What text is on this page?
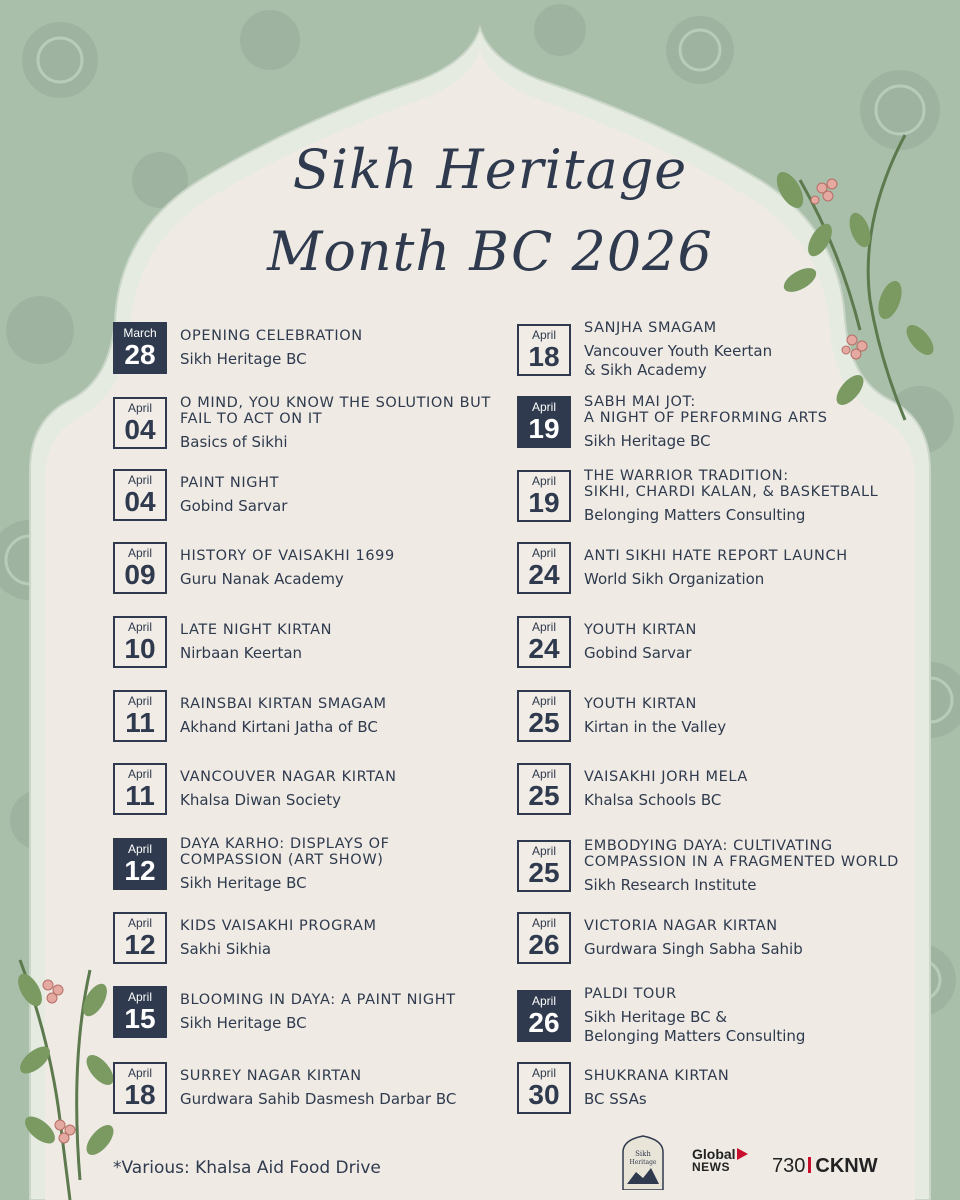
Sikh Heritage
Month BC 2026
March
28
OPENING CELEBRATION
Sikh Heritage BC
April
04
O MIND, YOU KNOW THE SOLUTION BUT
FAIL TO ACT ON IT
Basics of Sikhi
April
04
PAINT NIGHT
Gobind Sarvar
April
09
HISTORY OF VAISAKHI 1699
Guru Nanak Academy
April
10
LATE NIGHT KIRTAN
Nirbaan Keertan
April
11
RAINSBAI KIRTAN SMAGAM
Akhand Kirtani Jatha of BC
April
11
VANCOUVER NAGAR KIRTAN
Khalsa Diwan Society
April
12
DAYA KARHO: DISPLAYS OF
COMPASSION (ART SHOW)
Sikh Heritage BC
April
12
KIDS VAISAKHI PROGRAM
Sakhi Sikhia
April
15
BLOOMING IN DAYA: A PAINT NIGHT
Sikh Heritage BC
April
18
SURREY NAGAR KIRTAN
Gurdwara Sahib Dasmesh Darbar BC
April
18
SANJHA SMAGAM
Vancouver Youth Keertan
& Sikh Academy
April
19
SABH MAI JOT:
A NIGHT OF PERFORMING ARTS
Sikh Heritage BC
April
19
THE WARRIOR TRADITION:
SIKHI, CHARDI KALAN, & BASKETBALL
Belonging Matters Consulting
April
24
ANTI SIKHI HATE REPORT LAUNCH
World Sikh Organization
April
24
YOUTH KIRTAN
Gobind Sarvar
April
25
YOUTH KIRTAN
Kirtan in the Valley
April
25
VAISAKHI JORH MELA
Khalsa Schools BC
April
25
EMBODYING DAYA: CULTIVATING
COMPASSION IN A FRAGMENTED WORLD
Sikh Research Institute
April
26
VICTORIA NAGAR KIRTAN
Gurdwara Singh Sabha Sahib
April
26
PALDI TOUR
Sikh Heritage BC &
Belonging Matters Consulting
April
30
SHUKRANA KIRTAN
BC SSAs
*Various: Khalsa Aid Food Drive
Sikh
Heritage
Global
NEWS 730 CKNW
